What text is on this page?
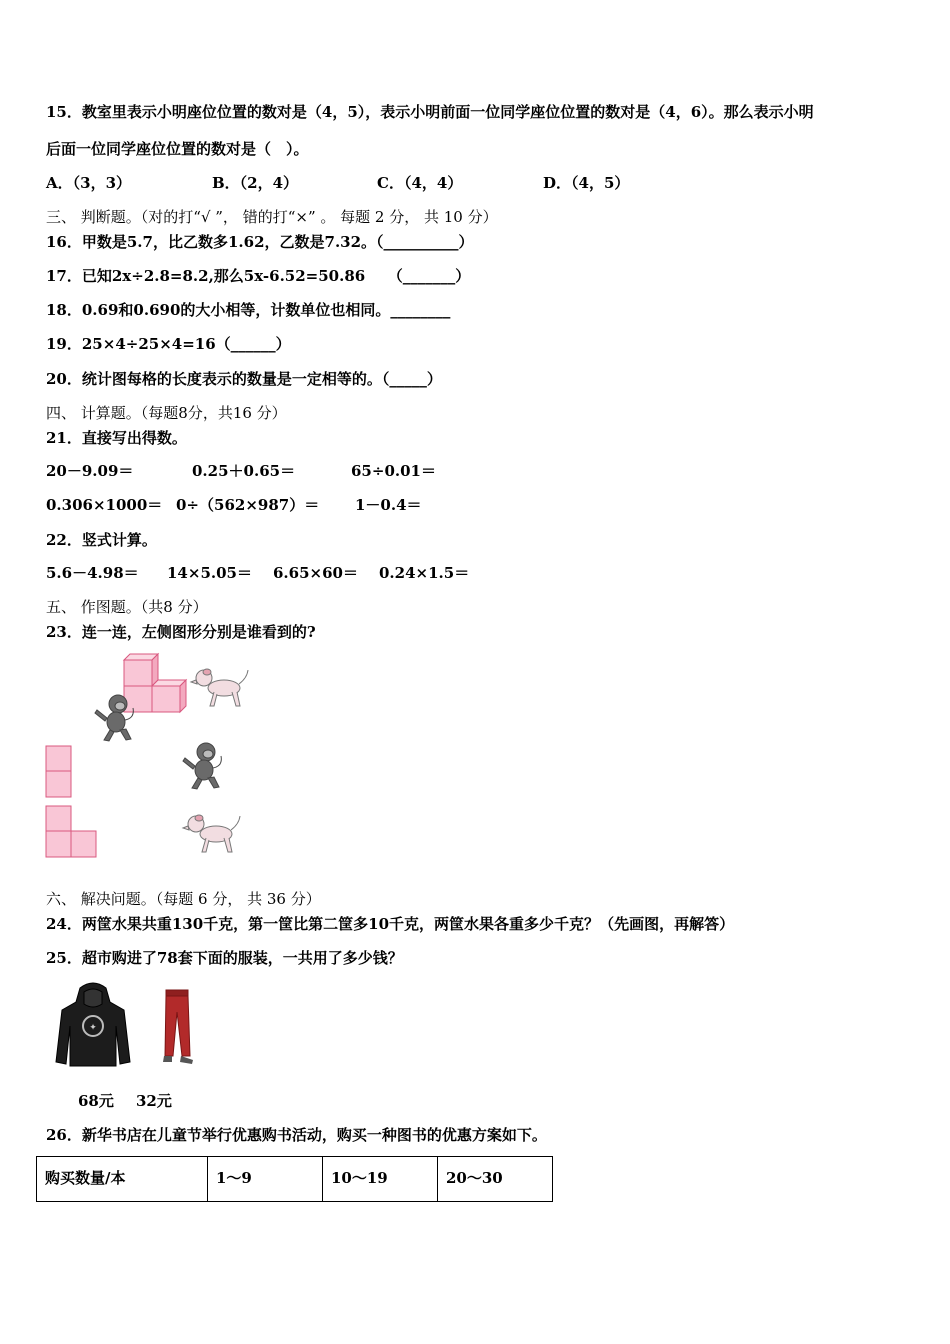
15．教室里表示小明座位位置的数对是（4，5），表示小明前面一位同学座位位置的数对是（4，6）。那么表示小明
后面一位同学座位位置的数对是（　）。
A．（3，3）	B．（2，4）	C．（4，4）	D．（4，5）
三、 判断题。（对的打“√ ”， 错的打“×” 。 每题 2 分， 共 10 分）
16．甲数是5.7，比乙数多1.62，乙数是7.32。（__________）
17．已知2x÷2.8=8.2,那么5x-6.52=50.86　　（_______）
18．0.69和0.690的大小相等，计数单位也相同。________
19．25×4÷25×4=16（______）
20．统计图每格的长度表示的数量是一定相等的。（_____）
四、 计算题。（每题8分，共16 分）
21．直接写出得数。
20－9.09＝	0.25＋0.65＝	65÷0.01＝
0.306×1000＝ 0÷（562×987）＝ 1－0.4＝
22．竖式计算。
5.6－4.98＝ 14×5.05＝ 6.65×60＝ 0.24×1.5＝
五、 作图题。（共8 分）
23．连一连，左侧图形分别是谁看到的?
六、 解决问题。（每题 6 分， 共 36 分）
24．两筐水果共重130千克，第一筐比第二筐多10千克，两筐水果各重多少千克？（先画图，再解答）
25．超市购进了78套下面的服装，一共用了多少钱？
✦
68元 32元
26．新华书店在儿童节举行优惠购书活动，购买一种图书的优惠方案如下。
购买数量/本	1～9	10～19	20～30
